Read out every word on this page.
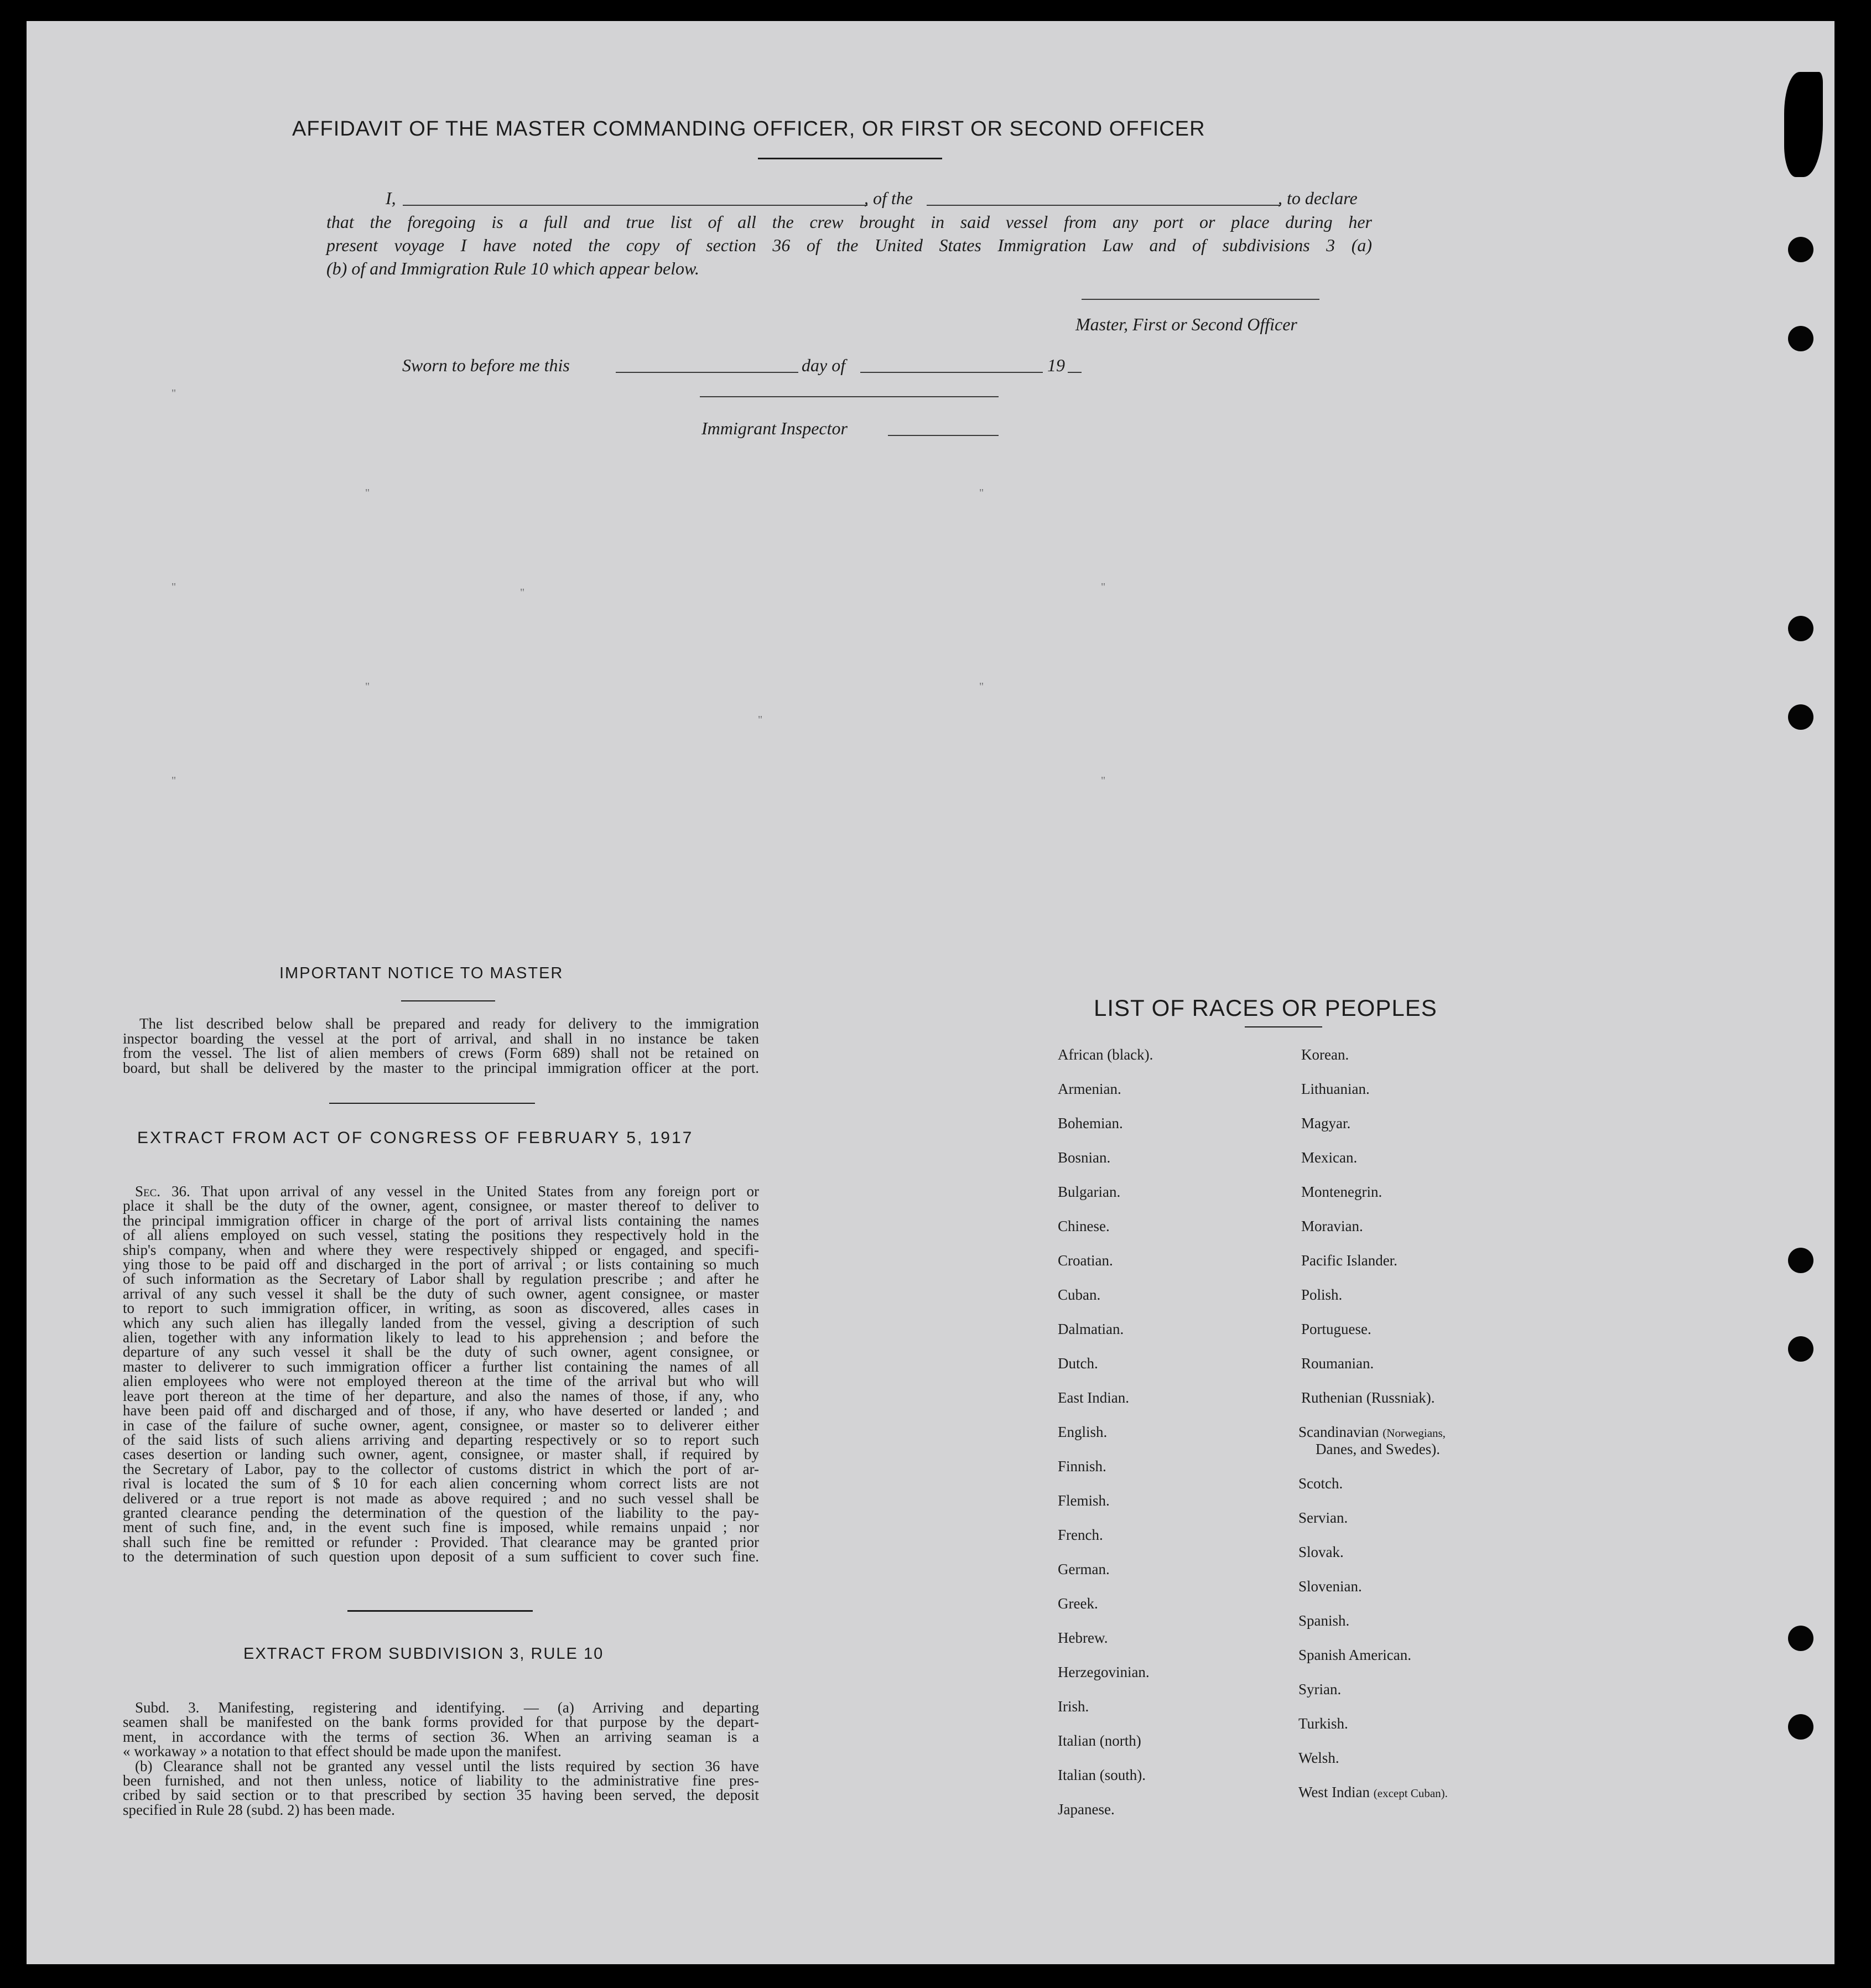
AFFIDAVIT OF THE MASTER COMMANDING OFFICER, OR FIRST OR SECOND OFFICER
I,	, of the	, to declare
that the foregoing is a full and true list of all the crew brought in said vessel from any port or place during her
present voyage I have noted the copy of section 36 of the United States Immigration Law and of subdivisions 3 (a)
(b) of and Immigration Rule 10 which appear below.
Master, First or Second Officer
Sworn to before me this	day of	19
Immigrant Inspector
"
"
"
"
"
"
"
"
"
"
"
IMPORTANT NOTICE TO MASTER
The list described below shall be prepared and ready for delivery to the immigration
inspector boarding the vessel at the port of arrival, and shall in no instance be taken
from the vessel. The list of alien members of crews (Form 689) shall not be retained on
board, but shall be delivered by the master to the principal immigration officer at the port.
EXTRACT FROM ACT OF CONGRESS OF FEBRUARY 5, 1917
Sec. 36. That upon arrival of any vessel in the United States from any foreign port or
place it shall be the duty of the owner, agent, consignee, or master thereof to deliver to
the principal immigration officer in charge of the port of arrival lists containing the names
of all aliens employed on such vessel, stating the positions they respectively hold in the
ship's company, when and where they were respectively shipped or engaged, and specifi-
ying those to be paid off and discharged in the port of arrival ; or lists containing so much
of such information as the Secretary of Labor shall by regulation prescribe ; and after he
arrival of any such vessel it shall be the duty of such owner, agent consignee, or master
to report to such immigration officer, in writing, as soon as discovered, alles cases in
which any such alien has illegally landed from the vessel, giving a description of such
alien, together with any information likely to lead to his apprehension ; and before the
departure of any such vessel it shall be the duty of such owner, agent consignee, or
master to deliverer to such immigration officer a further list containing the names of all
alien employees who were not employed thereon at the time of the arrival but who will
leave port thereon at the time of her departure, and also the names of those, if any, who
have been paid off and discharged and of those, if any, who have deserted or landed ; and
in case of the failure of suche owner, agent, consignee, or master so to deliverer either
of the said lists of such aliens arriving and departing respectively or so to report such
cases desertion or landing such owner, agent, consignee, or master shall, if required by
the Secretary of Labor, pay to the collector of customs district in which the port of ar-
rival is located the sum of $ 10 for each alien concerning whom correct lists are not
delivered or a true report is not made as above required ; and no such vessel shall be
granted clearance pending the determination of the question of the liability to the pay-
ment of such fine, and, in the event such fine is imposed, while remains unpaid ; nor
shall such fine be remitted or refunder : Provided. That clearance may be granted prior
to the determination of such question upon deposit of a sum sufficient to cover such fine.
EXTRACT FROM SUBDIVISION 3, RULE 10
Subd. 3. Manifesting, registering and identifying. — (a) Arriving and departing
seamen shall be manifested on the bank forms provided for that purpose by the depart-
ment, in accordance with the terms of section 36. When an arriving seaman is a
« workaway » a notation to that effect should be made upon the manifest.
(b) Clearance shall not be granted any vessel until the lists required by section 36 have
been furnished, and not then unless, notice of liability to the administrative fine pres-
cribed by said section or to that prescribed by section 35 having been served, the deposit
specified in Rule 28 (subd. 2) has been made.
LIST OF RACES OR PEOPLES
African (black).
Armenian.
Bohemian.
Bosnian.
Bulgarian.
Chinese.
Croatian.
Cuban.
Dalmatian.
Dutch.
East Indian.
English.
Finnish.
Flemish.
French.
German.
Greek.
Hebrew.
Herzegovinian.
Irish.
Italian (north)
Italian (south).
Japanese.
Korean.
Lithuanian.
Magyar.
Mexican.
Montenegrin.
Moravian.
Pacific Islander.
Polish.
Portuguese.
Roumanian.
Ruthenian (Russniak).
Scandinavian (Norwegians,
Danes, and Swedes).
Scotch.
Servian.
Slovak.
Slovenian.
Spanish.
Spanish American.
Syrian.
Turkish.
Welsh.
West Indian (except Cuban).
